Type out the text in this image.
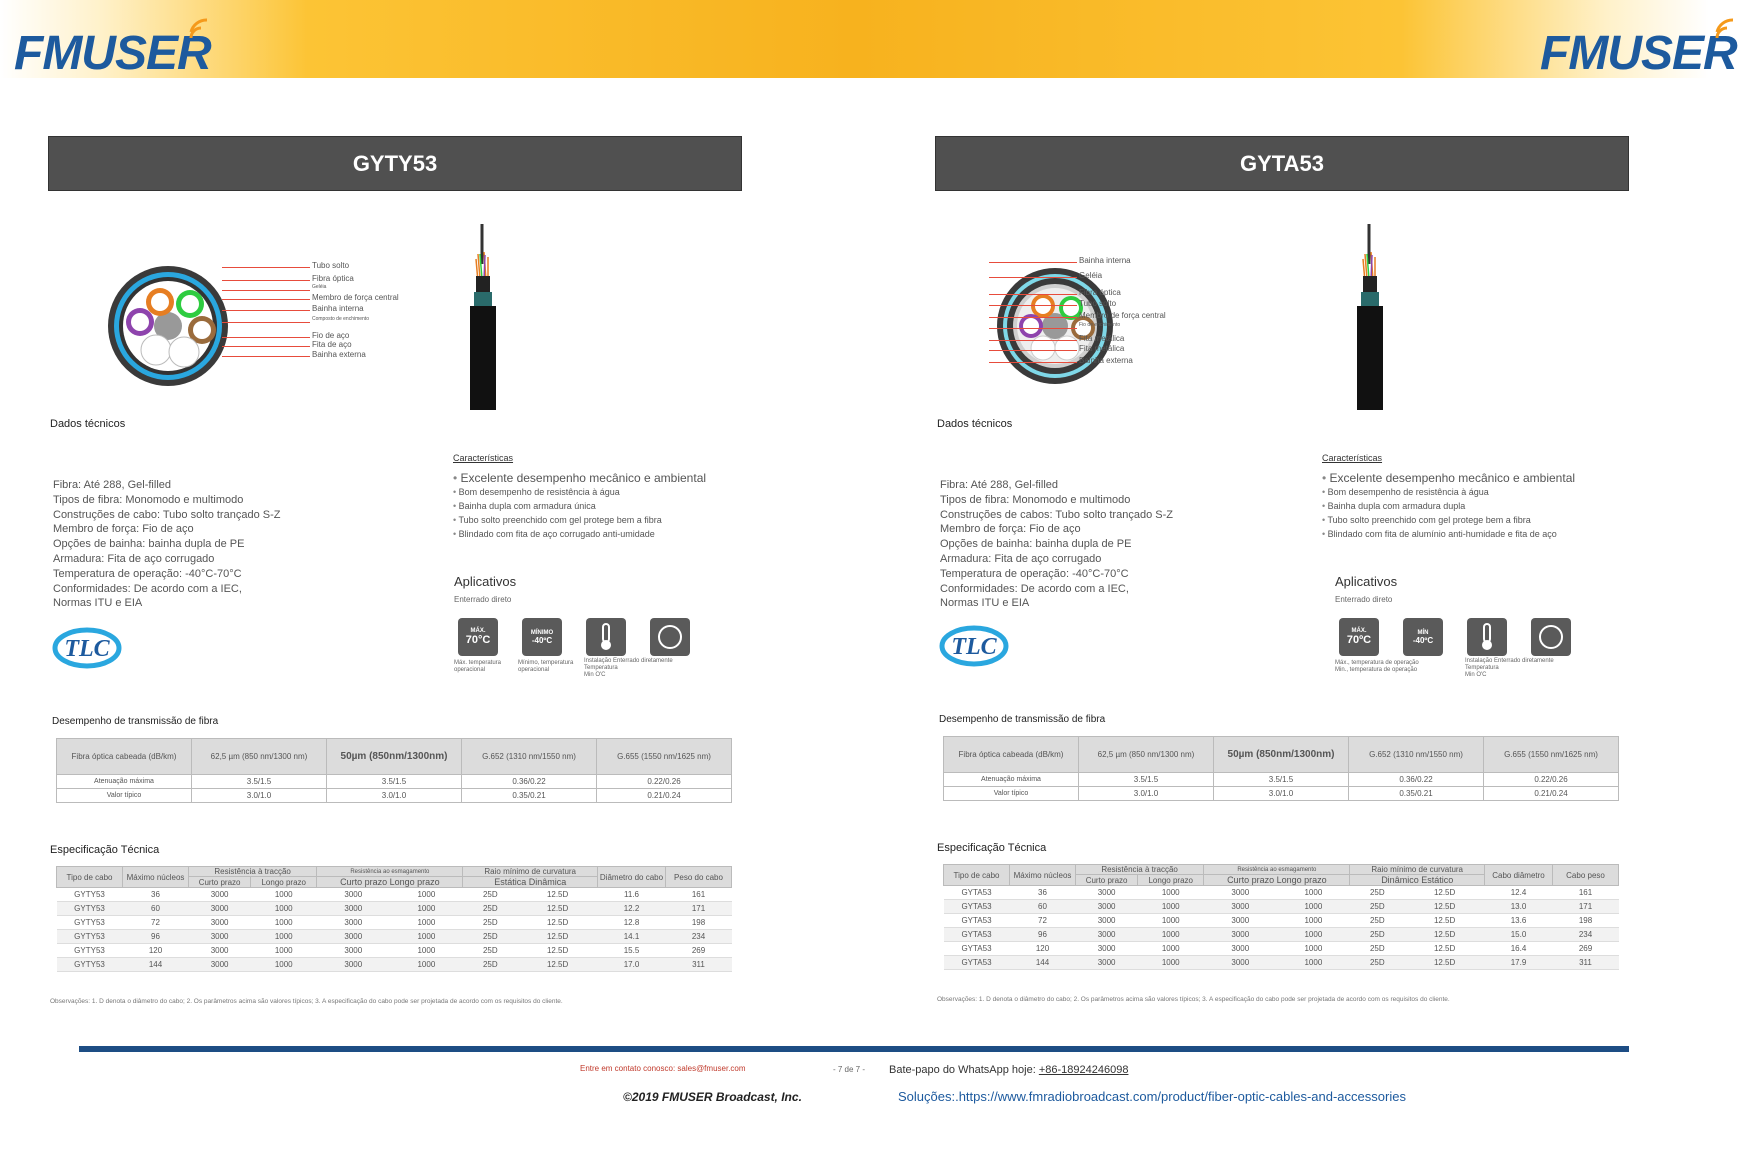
FMUSER	FMUSER
GYTY53
Tubo solto
Fibra óptica
Geléia
Membro de força central
Bainha interna
Composto de enchimento
Fio de aço
Fita de aço
Bainha externa
Dados técnicos
Fibra: Até 288, Gel-filled
Tipos de fibra: Monomodo e multimodo
Construções de cabo: Tubo solto trançado S-Z
Membro de força: Fio de aço
Opções de bainha: bainha dupla de PE
Armadura: Fita de aço corrugado
Temperatura de operação: -40°C-70°C
Conformidades: De acordo com a IEC,
Normas ITU e EIA
Características
• Excelente desempenho mecânico e ambiental
• Bom desempenho de resistência à água
• Bainha dupla com armadura única
• Tubo solto preenchido com gel protege bem a fibra
• Blindado com fita de aço corrugado anti-umidade
Aplicativos
Enterrado direto
MÁX.
70°C
MÍNIMO
-40ºC
Máx. temperatura
operacional
Mínimo, temperatura
operacional
Instalação Enterrado diretamente
Temperatura
Min O'C
TLC
Desempenho de transmissão de fibra
Fibra óptica cabeada (dB/km)	62,5 µm (850 nm/1300 nm)	50µm (850nm/1300nm)	G.652 (1310 nm/1550 nm)	G.655 (1550 nm/1625 nm)
Atenuação máxima	3.5/1.5	3.5/1.5	0.36/0.22	0.22/0.26
Valor típico	3.0/1.0	3.0/1.0	0.35/0.21	0.21/0.24
Especificação Técnica
Tipo de cabo	Máximo núcleos	Resistência à tracção		Resistência ao esmagamento		Raio mínimo de curvatura		Diâmetro do cabo	Peso do cabo
		Curto prazo	Longo prazo	Curto prazo Longo prazo		Estática Dinâmica			
GYTY53	36	3000	1000	3000	1000	25D	12.5D	11.6	161
GYTY53	60	3000	1000	3000	1000	25D	12.5D	12.2	171
GYTY53	72	3000	1000	3000	1000	25D	12.5D	12.8	198
GYTY53	96	3000	1000	3000	1000	25D	12.5D	14.1	234
GYTY53	120	3000	1000	3000	1000	25D	12.5D	15.5	269
GYTY53	144	3000	1000	3000	1000	25D	12.5D	17.0	311
Observações: 1. D denota o diâmetro do cabo; 2. Os parâmetros acima são valores típicos; 3. A especificação do cabo pode ser projetada de acordo com os requisitos do cliente.
GYTA53
Bainha interna
Geléia
Fibra óptica
Tubo solto
Membro de força central
Fio de enchimento
Fita metálica
Fita metálica
Bainha externa
Dados técnicos
Fibra: Até 288, Gel-filled
Tipos de fibra: Monomodo e multimodo
Construções de cabos: Tubo solto trançado S-Z
Membro de força: Fio de aço
Opções de bainha: bainha dupla de PE
Armadura: Fita de aço corrugado
Temperatura de operação: -40°C-70°C
Conformidades: De acordo com a IEC,
Normas ITU e EIA
Características
• Excelente desempenho mecânico e ambiental
• Bom desempenho de resistência à água
• Bainha dupla com armadura dupla
• Tubo solto preenchido com gel protege bem a fibra
• Blindado com fita de alumínio anti-humidade e fita de aço
Aplicativos
Enterrado direto
MÁX.
70ºC
MÍN
-40ºC
Máx., temperatura de operação
Min., temperatura de operação
Instalação Enterrado diretamente
Temperatura
Min O'C
TLC
Desempenho de transmissão de fibra
Fibra óptica cabeada (dB/km)	62,5 µm (850 nm/1300 nm)	50µm (850nm/1300nm)	G.652 (1310 nm/1550 nm)	G.655 (1550 nm/1625 nm)
Atenuação máxima	3.5/1.5	3.5/1.5	0.36/0.22	0.22/0.26
Valor típico	3.0/1.0	3.0/1.0	0.35/0.21	0.21/0.24
Especificação Técnica
Tipo de cabo	Máximo núcleos	Resistência à tracção		Resistência ao esmagamento		Raio mínimo de curvatura		Cabo diâmetro	Cabo peso
		Curto prazo	Longo prazo	Curto prazo Longo prazo		Dinâmico Estático			
GYTA53	36	3000	1000	3000	1000	25D	12.5D	12.4	161
GYTA53	60	3000	1000	3000	1000	25D	12.5D	13.0	171
GYTA53	72	3000	1000	3000	1000	25D	12.5D	13.6	198
GYTA53	96	3000	1000	3000	1000	25D	12.5D	15.0	234
GYTA53	120	3000	1000	3000	1000	25D	12.5D	16.4	269
GYTA53	144	3000	1000	3000	1000	25D	12.5D	17.9	311
Observações: 1. D denota o diâmetro do cabo; 2. Os parâmetros acima são valores típicos; 3. A especificação do cabo pode ser projetada de acordo com os requisitos do cliente.
Entre em contato conosco: sales@fmuser.com	- 7 de 7 - Bate-papo do WhatsApp hoje: +86-18924246098
©2019 FMUSER Broadcast, Inc.	Soluções:.https://www.fmradiobroadcast.com/product/fiber-optic-cables-and-accessories
